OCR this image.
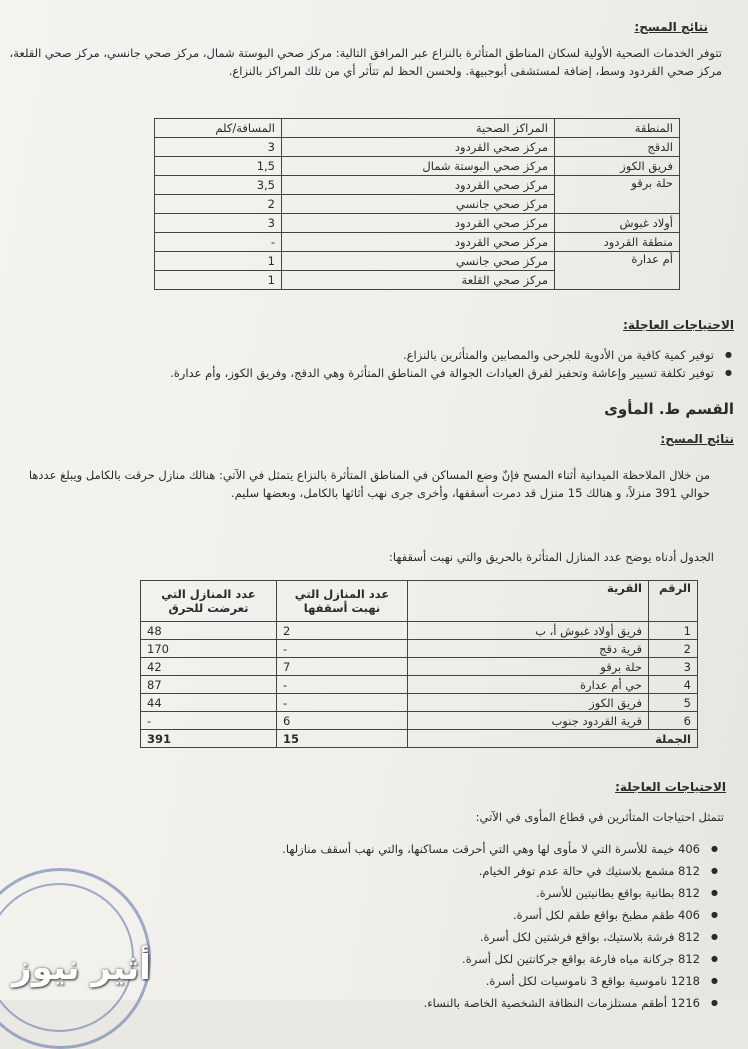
نتائج المسح:
تتوفر الخدمات الصحية الأولية لسكان المناطق المتأثرة بالنزاع عبر المرافق التالية: مركز صحي البوستة شمال، مركز صحي جانسي، مركز صحي القلعة، مركز صحي القردود وسط، إضافة لمستشفى أبوجبيهة. ولحسن الحظ لم تتأثر أي من تلك المراكز بالنزاع.
المنطقة	المراكز الصحية	المسافة/كلم
الدقج	مركز صحي القردود	3
فريق الكوز	مركز صحي البوستة شمال	1,5
حلة برقو	مركز صحي القردود	3,5
	مركز صحي جانسي	2
أولاد غبوش	مركز صحي القردود	3
منطقة القردود	مركز صحي القردود	-
أم عدارة	مركز صحي جانسي	1
	مركز صحي القلعة	1
الاحتياجات العاجلة:
● توفير كمية كافية من الأدوية للجرحى والمصابين والمتأثرين بالنزاع.
● توفير تكلفة تسيير وإعاشة وتحفيز لفرق العيادات الجوالة في المناطق المتأثرة وهي الدقج، وفريق الكوز، وأم عدارة.
القسم ط. المأوى
نتائج المسح:
من خلال الملاحظة الميدانية أثناء المسح فإنّ وضع المساكن في المناطق المتأثرة بالنزاع يتمثل في الآتي: هنالك منازل حرقت بالكامل ويبلغ عددها حوالي 391 منزلاً، و هنالك 15 منزل قد دمرت أسقفها، وأخرى جرى نهب أثاثها بالكامل، وبعضها سليم.
الجدول أدناه يوضح عدد المنازل المتأثرة بالحريق والتي نهبت أسقفها:
الرقم	القرية	عدد المنازل التي نهبت أسقفها	عدد المنازل التي تعرضت للحرق
1	فريق أولاد غبوش أ، ب	2	48
2	قرية دقج	-	170
3	حلة برقو	7	42
4	حي أم عدارة	-	87
5	فريق الكوز	-	44
6	قرية القردود جنوب	6	-
الجملة		15	391
الاحتياجات العاجلة:
تتمثل احتياجات المتأثرين في قطاع المأوى في الآتي:
● 406 خيمة للأسرة التي لا مأوى لها وهي التي أحرقت مساكنها، والتي نهب أسقف منازلها.
● 812 مشمع بلاستيك في حالة عدم توفر الخيام.
● 812 بطانية بواقع بطانيتين للأسرة.
● 406 طقم مطبخ بواقع طقم لكل أسرة.
● 812 فرشة بلاستيك، بواقع فرشتين لكل أسرة.
● 812 جركانة مياه فارغة بواقع جركانتين لكل أسرة.
● 1218 ناموسية بواقع 3 ناموسيات لكل أسرة.
● 1216 أطقم مستلزمات النظافة الشخصية الخاصة بالنساء.
أثير نيوز
